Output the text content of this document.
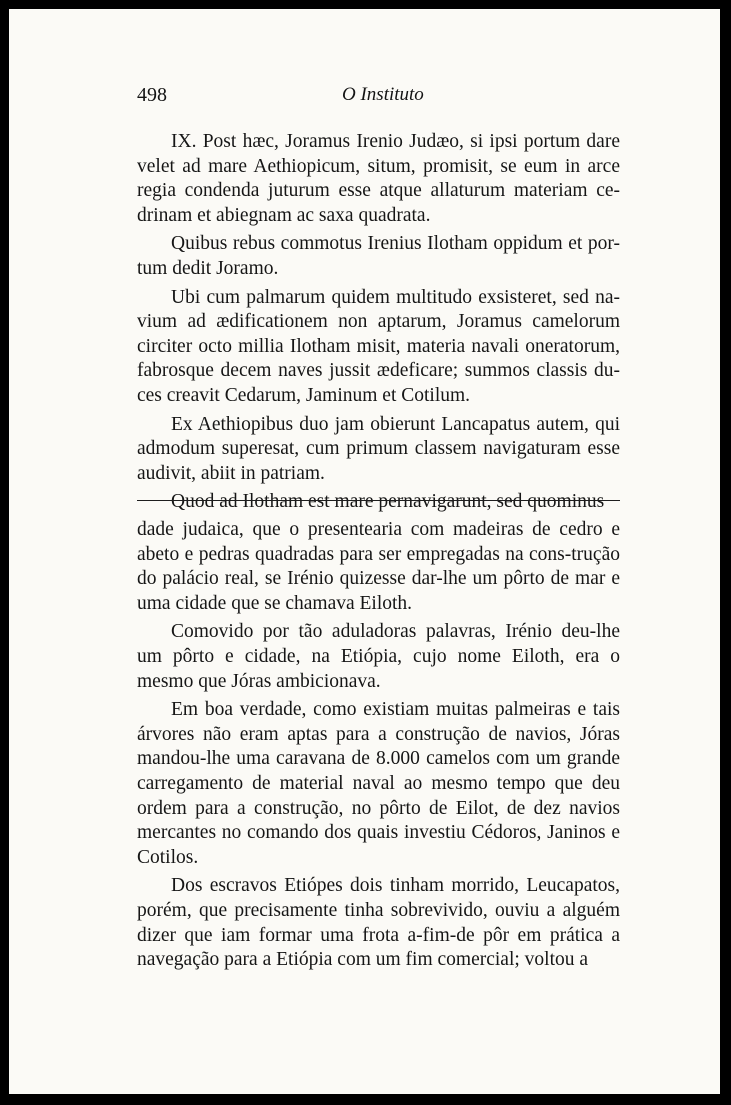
498	O Instituto

IX. Post hæc, Joramus Irenio Judæo, si ipsi portum dare velet ad mare Aethiopicum, situm, promisit, se eum in arce regia condenda juturum esse atque allaturum materiam ce-drinam et abiegnam ac saxa quadrata.

Quibus rebus commotus Irenius Ilotham oppidum et por-tum dedit Joramo.

Ubi cum palmarum quidem multitudo exsisteret, sed na-vium ad ædificationem non aptarum, Joramus camelorum circiter octo millia Ilotham misit, materia navali oneratorum, fabrosque decem naves jussit ædeficare; summos classis du-ces creavit Cedarum, Jaminum et Cotilum.

Ex Aethiopibus duo jam obierunt Lancapatus autem, qui admodum superesat, cum primum classem navigaturam esse audivit, abiit in patriam.

Quod ad Ilotham est mare pernavigarunt, sed quominus

dade judaica, que o presentearia com madeiras de cedro e abeto e pedras quadradas para ser empregadas na cons-trução do palácio real, se Irénio quizesse dar-lhe um pôrto de mar e uma cidade que se chamava Eiloth.

Comovido por tão aduladoras palavras, Irénio deu-lhe um pôrto e cidade, na Etiópia, cujo nome Eiloth, era o mesmo que Jóras ambicionava.

Em boa verdade, como existiam muitas palmeiras e tais árvores não eram aptas para a construção de navios, Jóras mandou-lhe uma caravana de 8.000 camelos com um grande carregamento de material naval ao mesmo tempo que deu ordem para a construção, no pôrto de Eilot, de dez navios mercantes no comando dos quais investiu Cédoros, Janinos e Cotilos.

Dos escravos Etiópes dois tinham morrido, Leucapatos, porém, que precisamente tinha sobrevivido, ouviu a alguém dizer que iam formar uma frota a-fim-de pôr em prática a navegação para a Etiópia com um fim comercial; voltou a
